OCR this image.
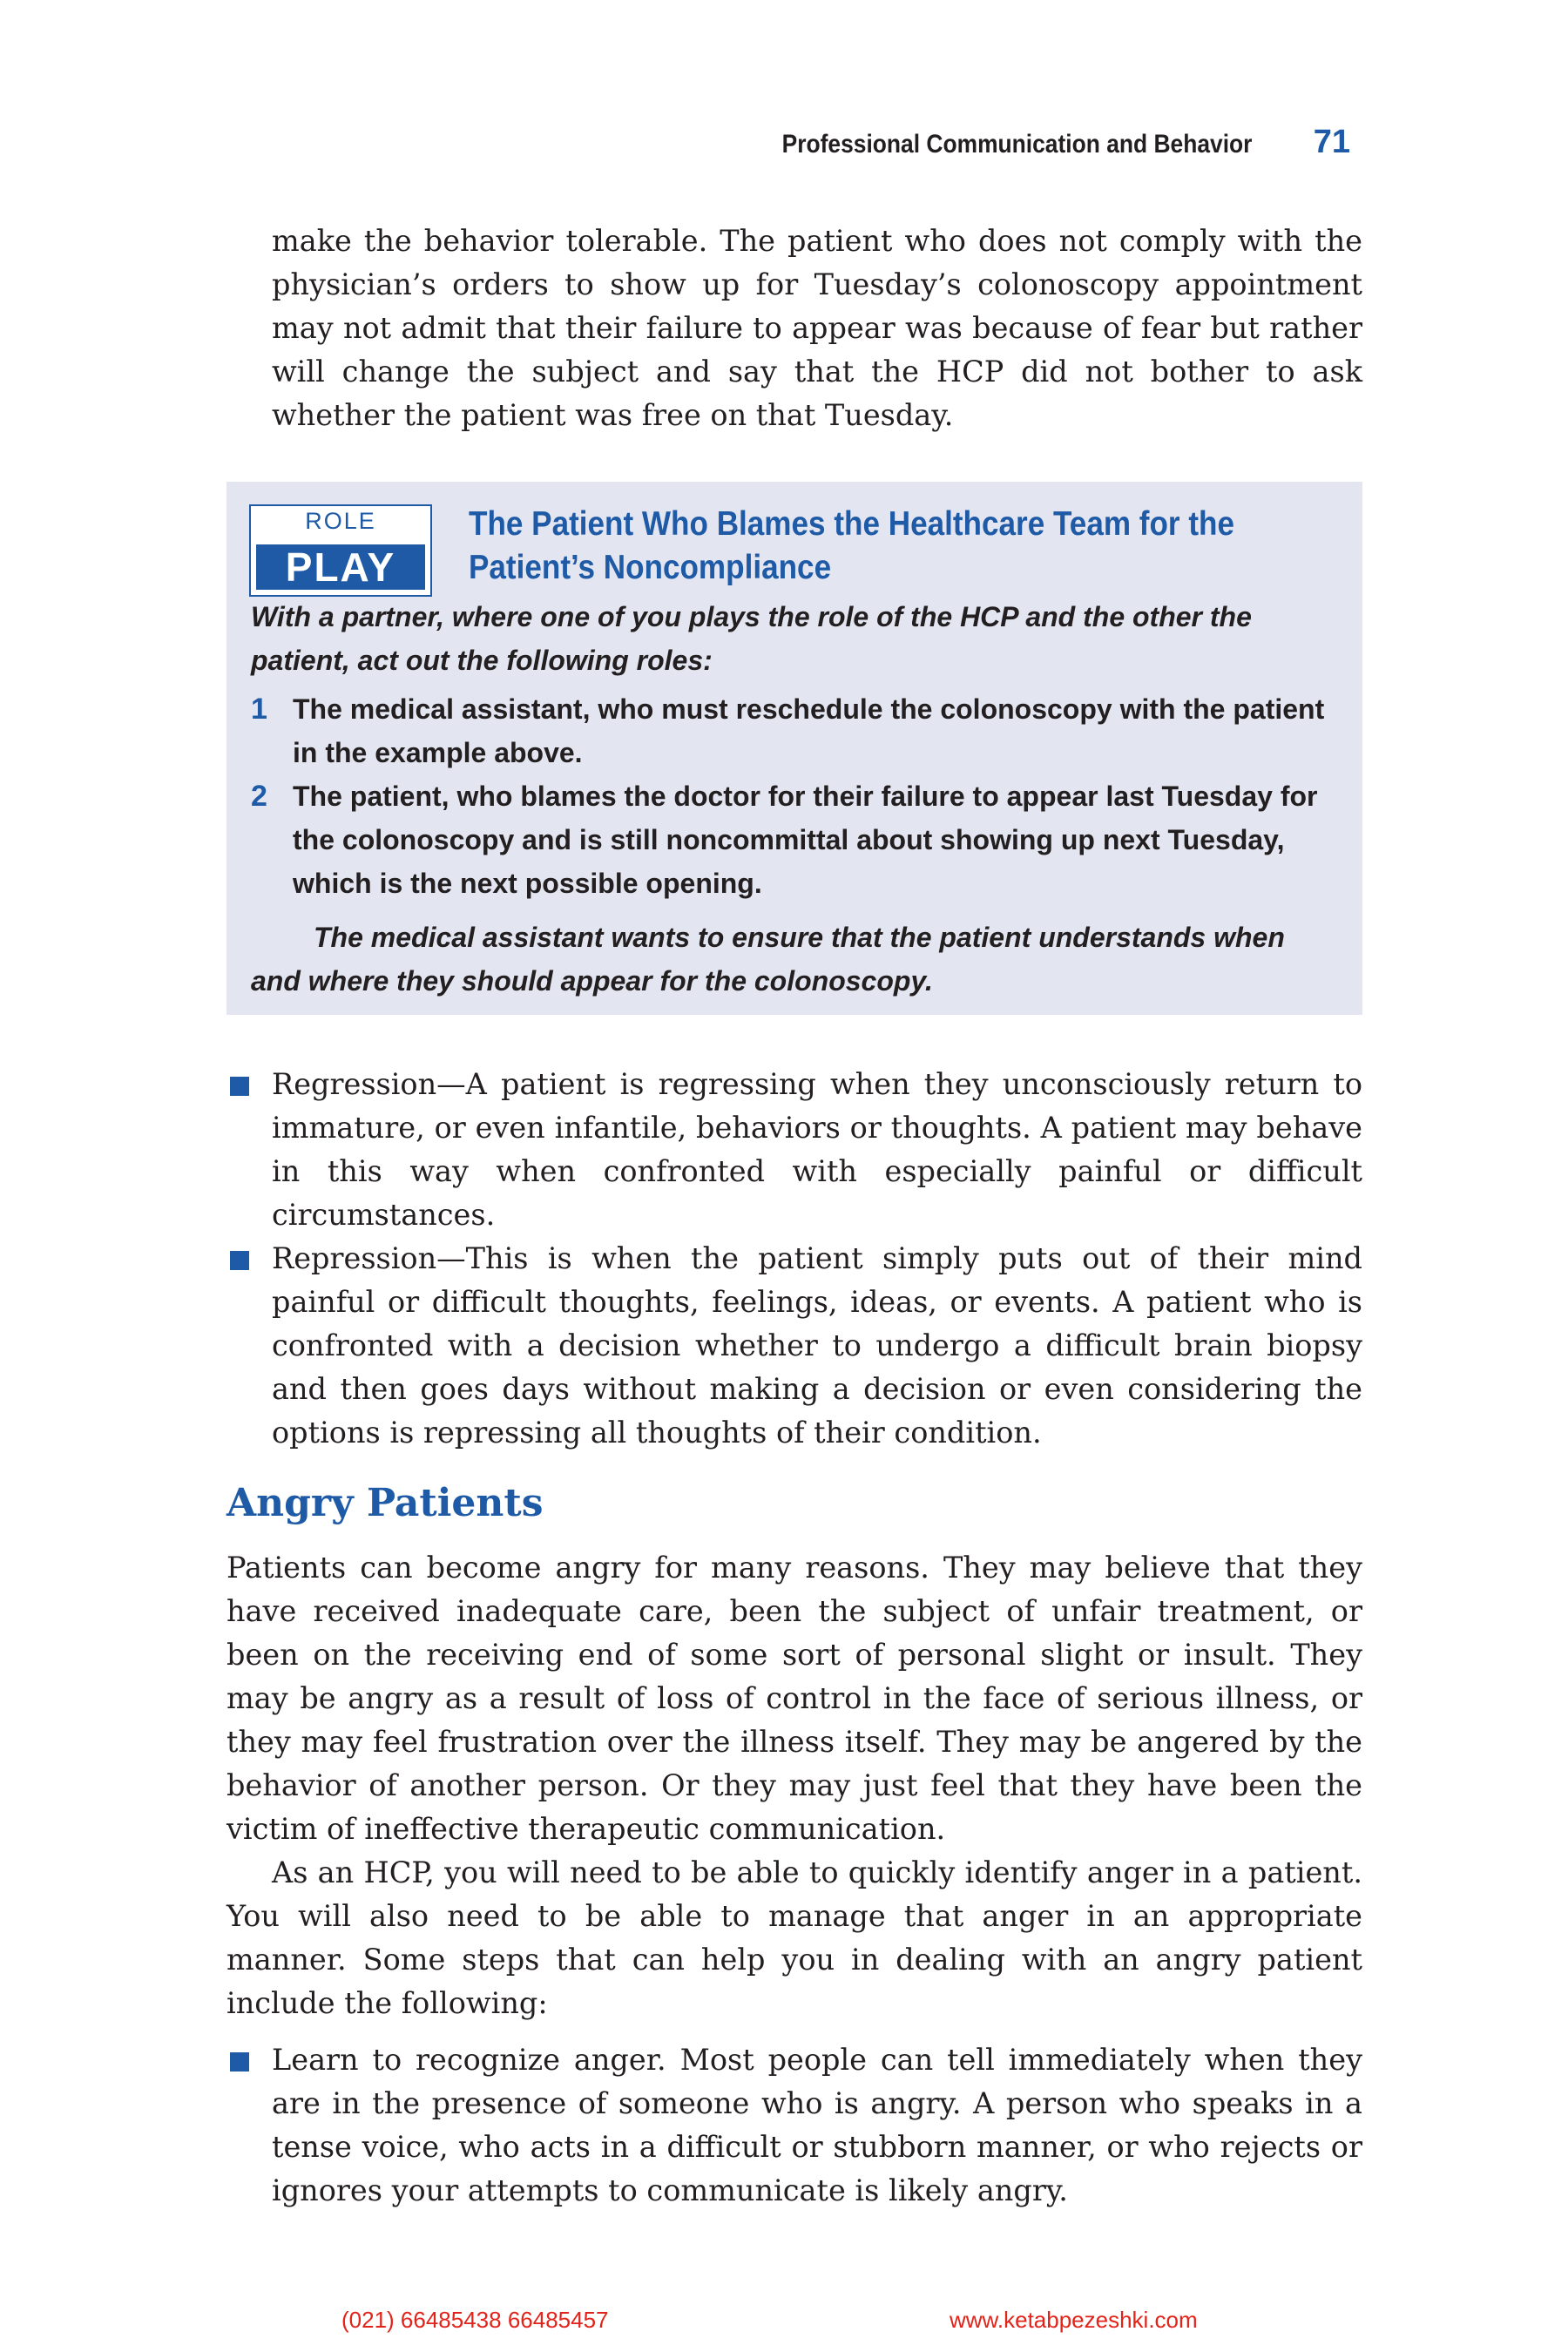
Professional Communication and Behavior 71

make the behavior tolerable. The patient who does not comply with the physician’s orders to show up for Tuesday’s colonoscopy appointment may not admit that their failure to appear was because of fear but rather will change the subject and say that the HCP did not bother to ask whether the patient was free on that Tuesday.

ROLE
PLAY
The Patient Who Blames the Healthcare Team for the Patient’s Noncompliance
With a partner, where one of you plays the role of the HCP and the other the patient, act out the following roles:
1 The medical assistant, who must reschedule the colonoscopy with the patient in the example above.
2 The patient, who blames the doctor for their failure to appear last Tuesday for the colonoscopy and is still noncommittal about showing up next Tuesday, which is the next possible opening.
The medical assistant wants to ensure that the patient understands when and where they should appear for the colonoscopy.
Regression—A patient is regressing when they unconsciously return to immature, or even infantile, behaviors or thoughts. A patient may behave in this way when confronted with especially painful or difficult circumstances.
Repression—This is when the patient simply puts out of their mind painful or difficult thoughts, feelings, ideas, or events. A patient who is confronted with a decision whether to undergo a difficult brain biopsy and then goes days without making a decision or even considering the options is repressing all thoughts of their condition.
Angry Patients

Patients can become angry for many reasons. They may believe that they have received inadequate care, been the subject of unfair treatment, or been on the receiving end of some sort of personal slight or insult. They may be angry as a result of loss of control in the face of serious illness, or they may feel frustration over the illness itself. They may be angered by the behavior of another person. Or they may just feel that they have been the victim of ineffective therapeutic communication.

As an HCP, you will need to be able to quickly identify anger in a patient. You will also need to be able to manage that anger in an appropriate manner. Some steps that can help you in dealing with an angry patient include the following:

Learn to recognize anger. Most people can tell immediately when they are in the presence of someone who is angry. A person who speaks in a tense voice, who acts in a difficult or stubborn manner, or who rejects or ignores your attempts to communicate is likely angry.
(021) 66485438 66485457	www.ketabpezeshki.com
